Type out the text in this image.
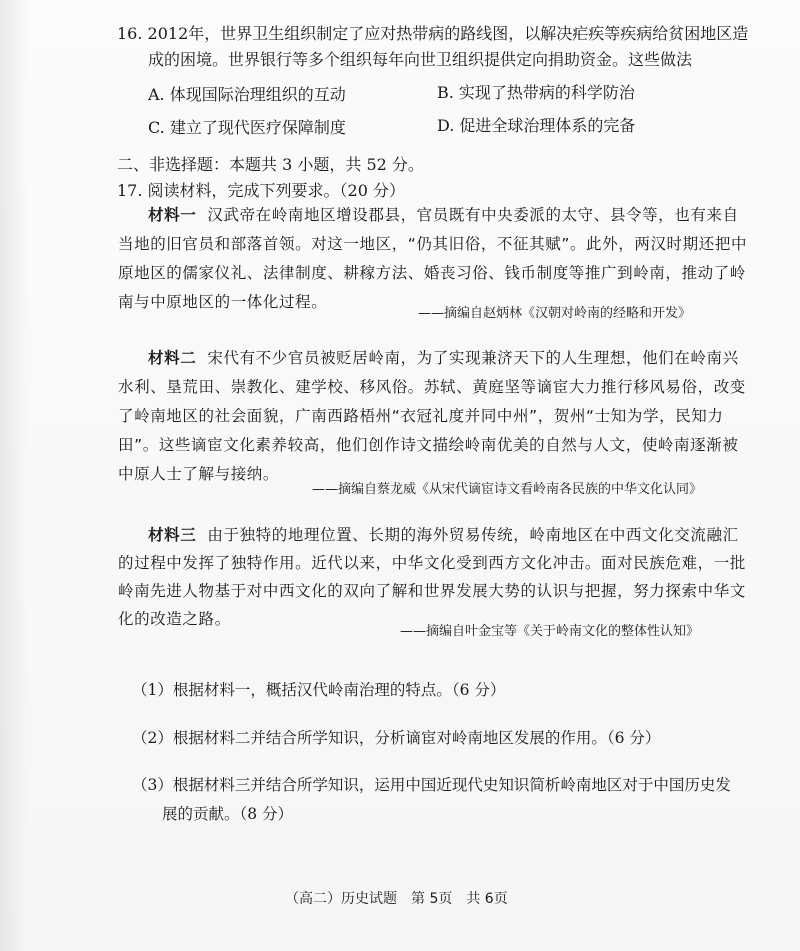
16. 2012年，世界卫生组织制定了应对热带病的路线图，以解决疟疾等疾病给贫困地区造
成的困境。世界银行等多个组织每年向世卫组织提供定向捐助资金。这些做法
A. 体现国际治理组织的互动	B. 实现了热带病的科学防治
C. 建立了现代医疗保障制度	D. 促进全球治理体系的完备
二、非选择题：本题共 3 小题，共 52 分。
17. 阅读材料，完成下列要求。（20 分）
材料一 汉武帝在岭南地区增设郡县，官员既有中央委派的太守、县令等，也有来自
当地的旧官员和部落首领。对这一地区，“仍其旧俗，不征其赋”。此外，两汉时期还把中
原地区的儒家仪礼、法律制度、耕稼方法、婚丧习俗、钱币制度等推广到岭南，推动了岭
南与中原地区的一体化过程。
——摘编自赵炳林《汉朝对岭南的经略和开发》
材料二 宋代有不少官员被贬居岭南，为了实现兼济天下的人生理想，他们在岭南兴
水利、垦荒田、崇教化、建学校、移风俗。苏轼、黄庭坚等谪宦大力推行移风易俗，改变
了岭南地区的社会面貌，广南西路梧州“衣冠礼度并同中州”，贺州“士知为学，民知力
田”。这些谪宦文化素养较高，他们创作诗文描绘岭南优美的自然与人文，使岭南逐渐被
中原人士了解与接纳。
——摘编自蔡龙威《从宋代谪宦诗文看岭南各民族的中华文化认同》
材料三 由于独特的地理位置、长期的海外贸易传统，岭南地区在中西文化交流融汇
的过程中发挥了独特作用。近代以来，中华文化受到西方文化冲击。面对民族危难，一批
岭南先进人物基于对中西文化的双向了解和世界发展大势的认识与把握，努力探索中华文
化的改造之路。
——摘编自叶金宝等《关于岭南文化的整体性认知》
（1）根据材料一，概括汉代岭南治理的特点。（6 分）
（2）根据材料二并结合所学知识，分析谪宦对岭南地区发展的作用。（6 分）
（3）根据材料三并结合所学知识，运用中国近现代史知识简析岭南地区对于中国历史发
展的贡献。（8 分）
（高二）历史试题　第 5页　共 6页
